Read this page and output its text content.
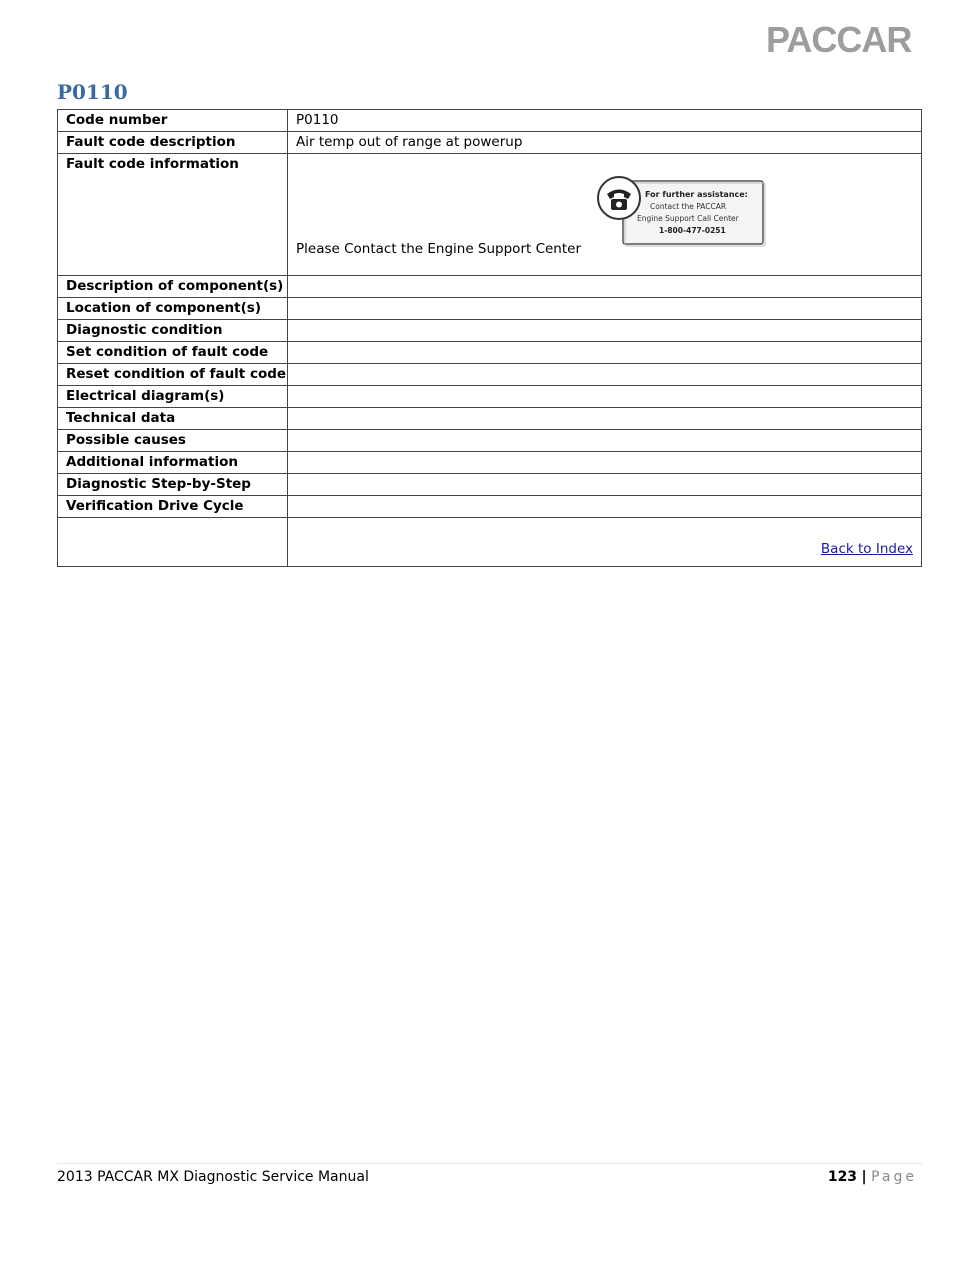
PACCAR
P0110
Code number	P0110
Fault code description	Air temp out of range at powerup
Fault code information	Please Contact the Engine Support Center
For further assistance:
Contact the PACCAR
Engine Support Call Center
1-800-477-0251

Description of component(s)	
Location of component(s)	
Diagnostic condition	
Set condition of fault code	
Reset condition of fault code	
Electrical diagram(s)	
Technical data	
Possible causes	
Additional information	
Diagnostic Step-by-Step	
Verification Drive Cycle	
	Back to Index
2013 PACCAR MX Diagnostic Service Manual	123 | Page
